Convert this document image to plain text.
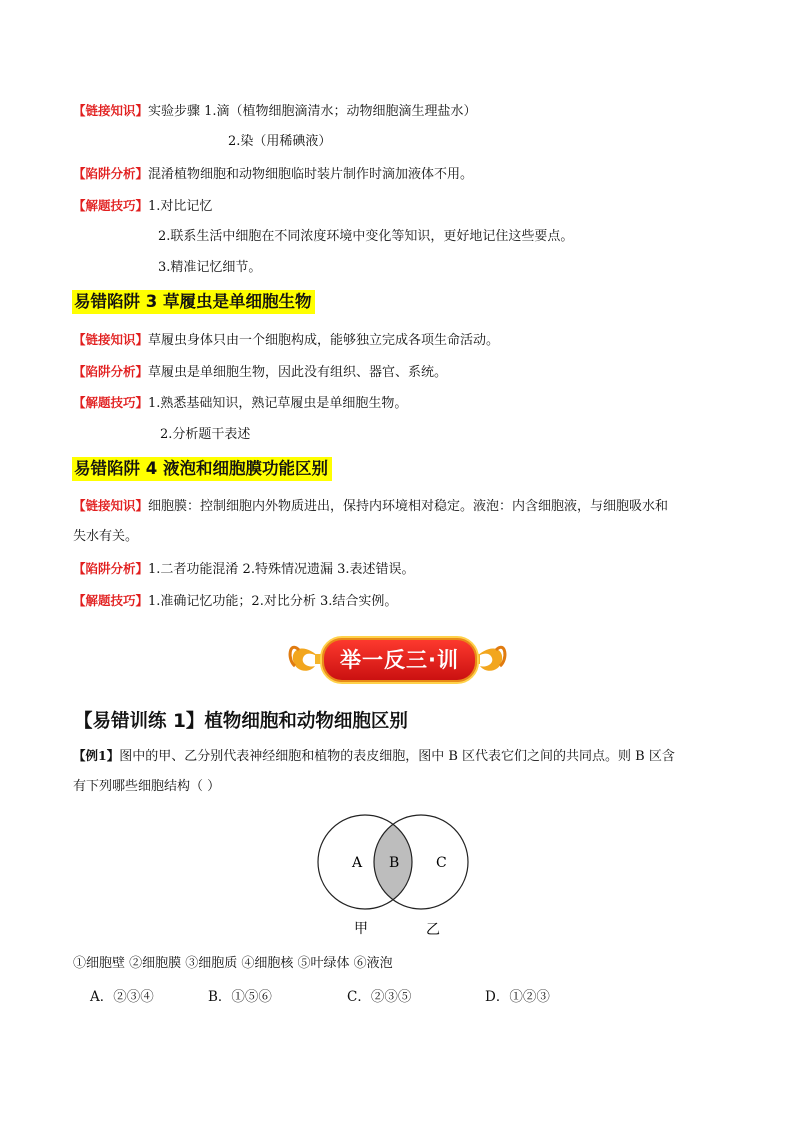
【链接知识】实验步骤 1.滴（植物细胞滴清水；动物细胞滴生理盐水）
2.染（用稀碘液）
【陷阱分析】混淆植物细胞和动物细胞临时装片制作时滴加液体不用。
【解题技巧】1.对比记忆
2.联系生活中细胞在不同浓度环境中变化等知识，更好地记住这些要点。
3.精准记忆细节。
易错陷阱 3 草履虫是单细胞生物
【链接知识】草履虫身体只由一个细胞构成，能够独立完成各项生命活动。
【陷阱分析】草履虫是单细胞生物，因此没有组织、器官、系统。
【解题技巧】1.熟悉基础知识，熟记草履虫是单细胞生物。
2.分析题干表述
易错陷阱 4 液泡和细胞膜功能区别
【链接知识】细胞膜：控制细胞内外物质进出，保持内环境相对稳定。液泡：内含细胞液，与细胞吸水和
失水有关。
【陷阱分析】1.二者功能混淆 2.特殊情况遗漏 3.表述错误。
【解题技巧】1.准确记忆功能；2.对比分析 3.结合实例。
举一反三·训
【易错训练 1】植物细胞和动物细胞区别
【例1】图中的甲、乙分别代表神经细胞和植物的表皮细胞，图中 B 区代表它们之间的共同点。则 B 区含
有下列哪些细胞结构（ ）
A B	C
甲	乙
①细胞壁 ②细胞膜 ③细胞质 ④细胞核 ⑤叶绿体 ⑥液泡
A．②③④	B．①⑤⑥	C．②③⑤	D．①②③
